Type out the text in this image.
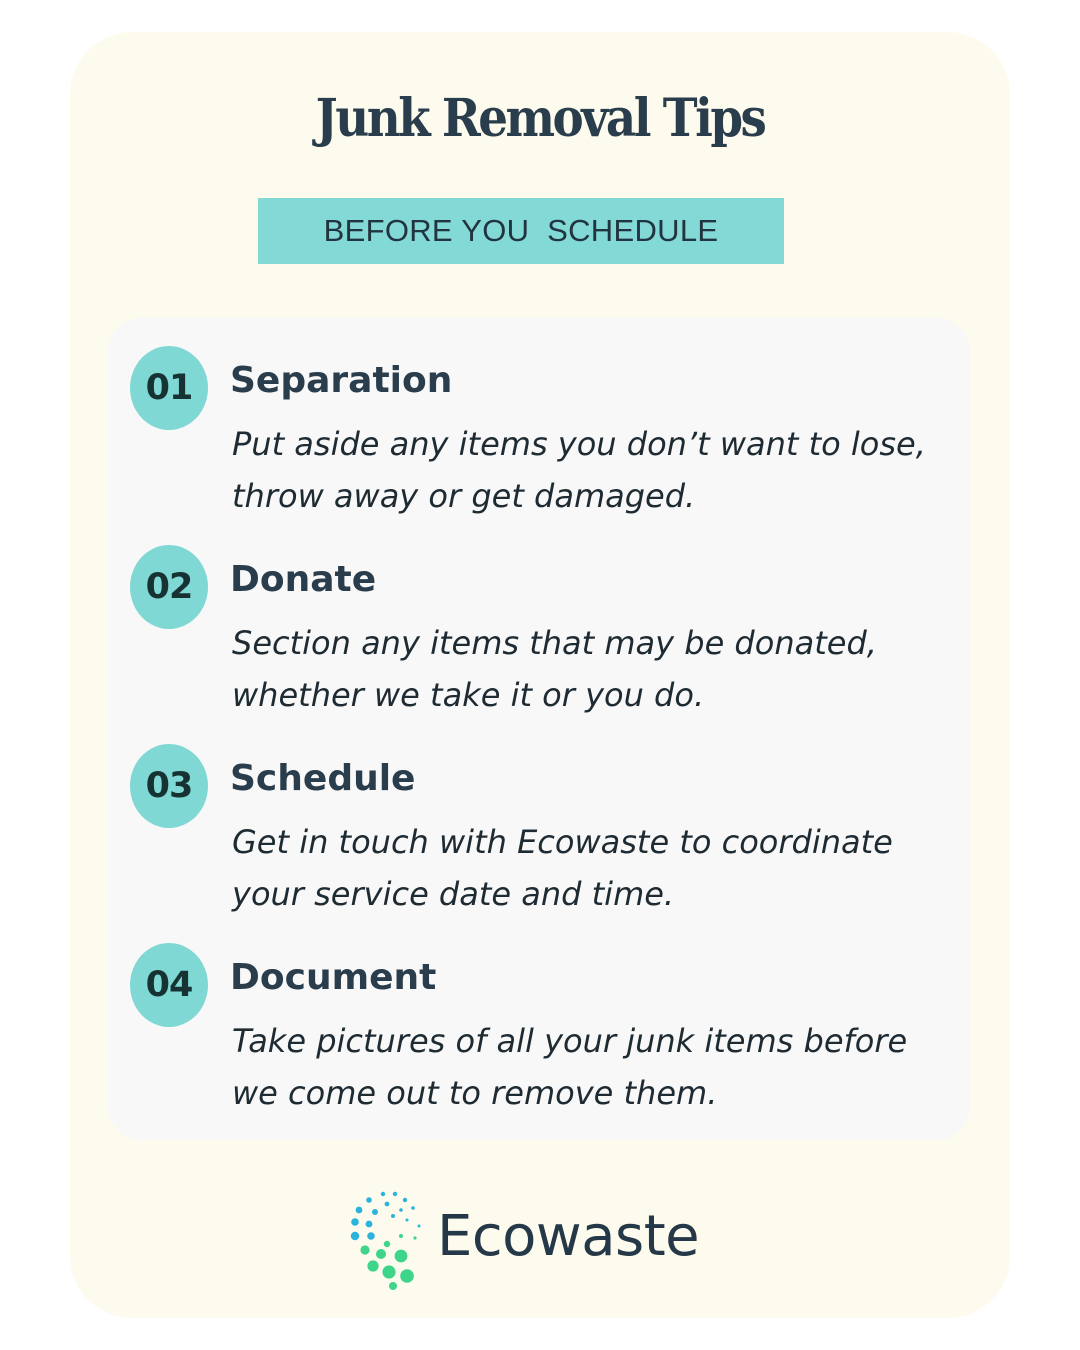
Junk Removal Tips
BEFORE YOU  SCHEDULE
01	Separation
Put aside any items you don’t want to lose,
throw away or get damaged.
02	Donate
Section any items that may be donated,
whether we take it or you do.
03	Schedule
Get in touch with Ecowaste to coordinate
your service date and time.
04	Document
Take pictures of all your junk items before
we come out to remove them.
Ecowaste
